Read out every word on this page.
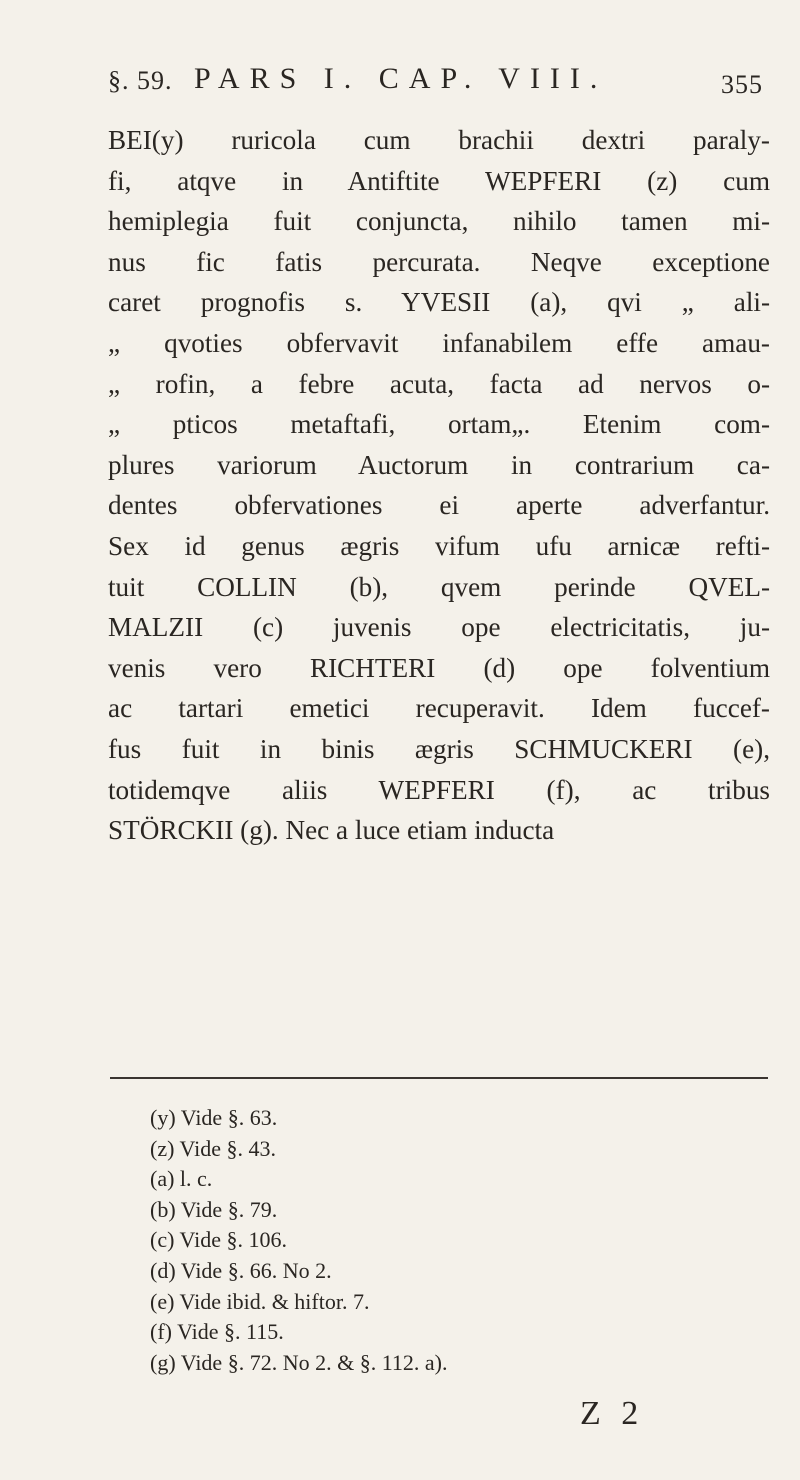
§. 59. PARS I. CAP. VIII.	355
BEI(y) ruricola cum brachii dextri paraly-
fi, atqve in Antiftite WEPFERI (z) cum
hemiplegia fuit conjuncta, nihilo tamen mi-
nus fic fatis percurata. Neqve exceptione
caret prognofis s. YVESII (a), qvi „ ali-
„ qvoties obfervavit infanabilem effe amau-
„ rofin, a febre acuta, facta ad nervos o-
„ pticos metaftafi, ortam„. Etenim com-
plures variorum Auctorum in contrarium ca-
dentes obfervationes ei aperte adverfantur.
Sex id genus ægris vifum ufu arnicæ refti-
tuit COLLIN (b), qvem perinde QVEL-
MALZII (c) juvenis ope electricitatis, ju-
venis vero RICHTERI (d) ope folventium
ac tartari emetici recuperavit. Idem fuccef-
fus fuit in binis ægris SCHMUCKERI (e),
totidemqve aliis WEPFERI (f), ac tribus
STÖRCKII (g). Nec a luce etiam inducta
(y) Vide §. 63.
(z) Vide §. 43.
(a) l. c.
(b) Vide §. 79.
(c) Vide §. 106.
(d) Vide §. 66. No 2.
(e) Vide ibid. & hiftor. 7.
(f) Vide §. 115.
(g) Vide §. 72. No 2. & §. 112. a).
Z 2
